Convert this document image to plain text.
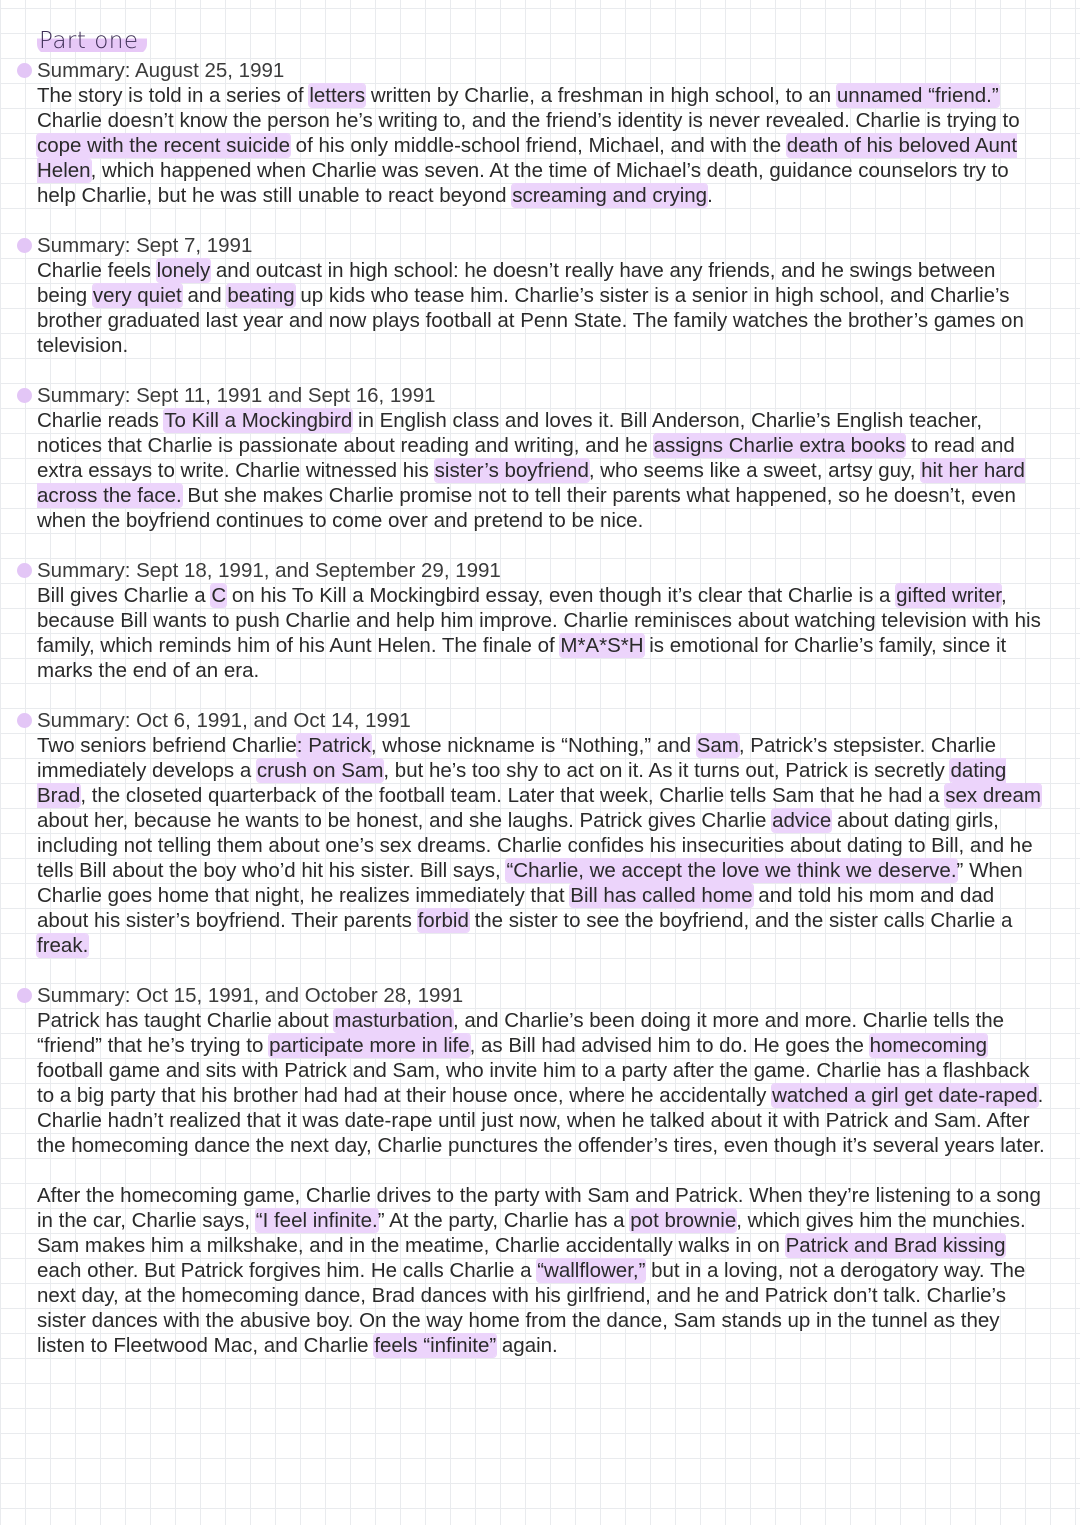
Part one
Summary: August 25, 1991
The story is told in a series of letters written by Charlie, a freshman in high school, to an unnamed “friend.” Charlie doesn’t know the person he’s writing to, and the friend’s identity is never revealed. Charlie is trying to cope with the recent suicide of his only middle-school friend, Michael, and with the death of his beloved Aunt Helen, which happened when Charlie was seven. At the time of Michael’s death, guidance counselors try to help Charlie, but he was still unable to react beyond screaming and crying.
Summary: Sept 7, 1991
Charlie feels lonely and outcast in high school: he doesn’t really have any friends, and he swings between being very quiet and beating up kids who tease him. Charlie’s sister is a senior in high school, and Charlie’s brother graduated last year and now plays football at Penn State. The family watches the brother’s games on television.
Summary: Sept 11, 1991 and Sept 16, 1991
Charlie reads To Kill a Mockingbird in English class and loves it. Bill Anderson, Charlie’s English teacher, notices that Charlie is passionate about reading and writing, and he assigns Charlie extra books to read and extra essays to write. Charlie witnessed his sister’s boyfriend, who seems like a sweet, artsy guy, hit her hard across the face. But she makes Charlie promise not to tell their parents what happened, so he doesn’t, even when the boyfriend continues to come over and pretend to be nice.
Summary: Sept 18, 1991, and September 29, 1991
Bill gives Charlie a C on his To Kill a Mockingbird essay, even though it’s clear that Charlie is a gifted writer, because Bill wants to push Charlie and help him improve. Charlie reminisces about watching television with his family, which reminds him of his Aunt Helen. The finale of M*A*S*H is emotional for Charlie’s family, since it marks the end of an era.
Summary: Oct 6, 1991, and Oct 14, 1991
Two seniors befriend Charlie: Patrick, whose nickname is “Nothing,” and Sam, Patrick’s stepsister. Charlie immediately develops a crush on Sam, but he’s too shy to act on it. As it turns out, Patrick is secretly dating Brad, the closeted quarterback of the football team. Later that week, Charlie tells Sam that he had a sex dream about her, because he wants to be honest, and she laughs. Patrick gives Charlie advice about dating girls, including not telling them about one’s sex dreams. Charlie confides his insecurities about dating to Bill, and he tells Bill about the boy who’d hit his sister. Bill says, “Charlie, we accept the love we think we deserve.” When Charlie goes home that night, he realizes immediately that Bill has called home and told his mom and dad about his sister’s boyfriend. Their parents forbid the sister to see the boyfriend, and the sister calls Charlie a freak.
Summary: Oct 15, 1991, and October 28, 1991
Patrick has taught Charlie about masturbation, and Charlie’s been doing it more and more. Charlie tells the “friend” that he’s trying to participate more in life, as Bill had advised him to do. He goes the homecoming football game and sits with Patrick and Sam, who invite him to a party after the game. Charlie has a flashback to a big party that his brother had had at their house once, where he accidentally watched a girl get date-raped. Charlie hadn’t realized that it was date-rape until just now, when he talked about it with Patrick and Sam. After the homecoming dance the next day, Charlie punctures the offender’s tires, even though it’s several years later.
After the homecoming game, Charlie drives to the party with Sam and Patrick. When they’re listening to a song in the car, Charlie says, “I feel infinite.” At the party, Charlie has a pot brownie, which gives him the munchies. Sam makes him a milkshake, and in the meatime, Charlie accidentally walks in on Patrick and Brad kissing each other. But Patrick forgives him. He calls Charlie a “wallflower,” but in a loving, not a derogatory way. The next day, at the homecoming dance, Brad dances with his girlfriend, and he and Patrick don’t talk. Charlie’s sister dances with the abusive boy. On the way home from the dance, Sam stands up in the tunnel as they listen to Fleetwood Mac, and Charlie feels “infinite” again.
